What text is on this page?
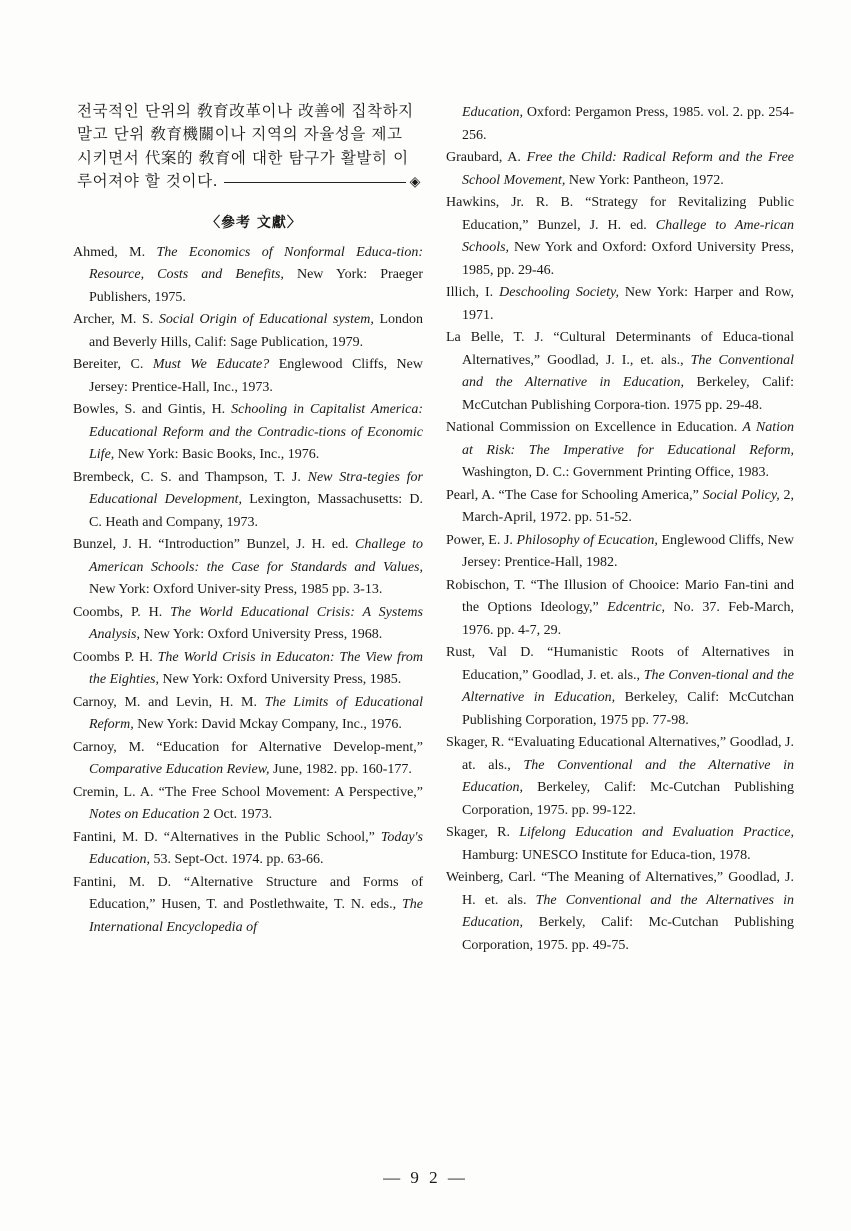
전국적인 단위의 敎育改革이나 改善에 집착하지
말고 단위 敎育機關이나 지역의 자율성을 제고
시키면서 代案的 敎育에 대한 탐구가 활발히 이
루어져야 할 것이다.	◈
〈參考 文獻〉

Ahmed, M. The Economics of Nonformal Educa-tion: Resource, Costs and Benefits, New York: Praeger Publishers, 1975.

Archer, M. S. Social Origin of Educational system, London and Beverly Hills, Calif: Sage Publication, 1979.

Bereiter, C. Must We Educate? Englewood Cliffs, New Jersey: Prentice-Hall, Inc., 1973.

Bowles, S. and Gintis, H. Schooling in Capitalist America: Educational Reform and the Contradic-tions of Economic Life, New York: Basic Books, Inc., 1976.

Brembeck, C. S. and Thampson, T. J. New Stra-tegies for Educational Development, Lexington, Massachusetts: D. C. Heath and Company, 1973.

Bunzel, J. H. “Introduction” Bunzel, J. H. ed. Challege to American Schools: the Case for Standards and Values, New York: Oxford Univer-sity Press, 1985 pp. 3-13.

Coombs, P. H. The World Educational Crisis: A Systems Analysis, New York: Oxford University Press, 1968.

Coombs P. H. The World Crisis in Educaton: The View from the Eighties, New York: Oxford University Press, 1985.

Carnoy, M. and Levin, H. M. The Limits of Educational Reform, New York: David Mckay Company, Inc., 1976.

Carnoy, M. “Education for Alternative Develop-ment,” Comparative Education Review, June, 1982. pp. 160-177.

Cremin, L. A. “The Free School Movement: A Perspective,” Notes on Education 2 Oct. 1973.

Fantini, M. D. “Alternatives in the Public School,” Today's Education, 53. Sept-Oct. 1974. pp. 63-66.

Fantini, M. D. “Alternative Structure and Forms of Education,” Husen, T. and Postlethwaite, T. N. eds., The International Encyclopedia of

Education, Oxford: Pergamon Press, 1985. vol. 2. pp. 254-256.

Graubard, A. Free the Child: Radical Reform and the Free School Movement, New York: Pantheon, 1972.

Hawkins, Jr. R. B. “Strategy for Revitalizing Public Education,” Bunzel, J. H. ed. Challege to Ame-rican Schools, New York and Oxford: Oxford University Press, 1985, pp. 29-46.

Illich, I. Deschooling Society, New York: Harper and Row, 1971.

La Belle, T. J. “Cultural Determinants of Educa-tional Alternatives,” Goodlad, J. I., et. als., The Conventional and the Alternative in Education, Berkeley, Calif: McCutchan Publishing Corpora-tion. 1975 pp. 29-48.

National Commission on Excellence in Education. A Nation at Risk: The Imperative for Educational Reform, Washington, D. C.: Government Printing Office, 1983.

Pearl, A. “The Case for Schooling America,” Social Policy, 2, March-April, 1972. pp. 51-52.

Power, E. J. Philosophy of Ecucation, Englewood Cliffs, New Jersey: Prentice-Hall, 1982.

Robischon, T. “The Illusion of Chooice: Mario Fan-tini and the Options Ideology,” Edcentric, No. 37. Feb-March, 1976. pp. 4-7, 29.

Rust, Val D. “Humanistic Roots of Alternatives in Education,” Goodlad, J. et. als., The Conven-tional and the Alternative in Education, Berkeley, Calif: McCutchan Publishing Corporation, 1975 pp. 77-98.

Skager, R. “Evaluating Educational Alternatives,” Goodlad, J. at. als., The Conventional and the Alternative in Education, Berkeley, Calif: Mc-Cutchan Publishing Corporation, 1975. pp. 99-122.

Skager, R. Lifelong Education and Evaluation Practice, Hamburg: UNESCO Institute for Educa-tion, 1978.

Weinberg, Carl. “The Meaning of Alternatives,” Goodlad, J. H. et. als. The Conventional and the Alternatives in Education, Berkely, Calif: Mc-Cutchan Publishing Corporation, 1975. pp. 49-75.

— 9 2 —
